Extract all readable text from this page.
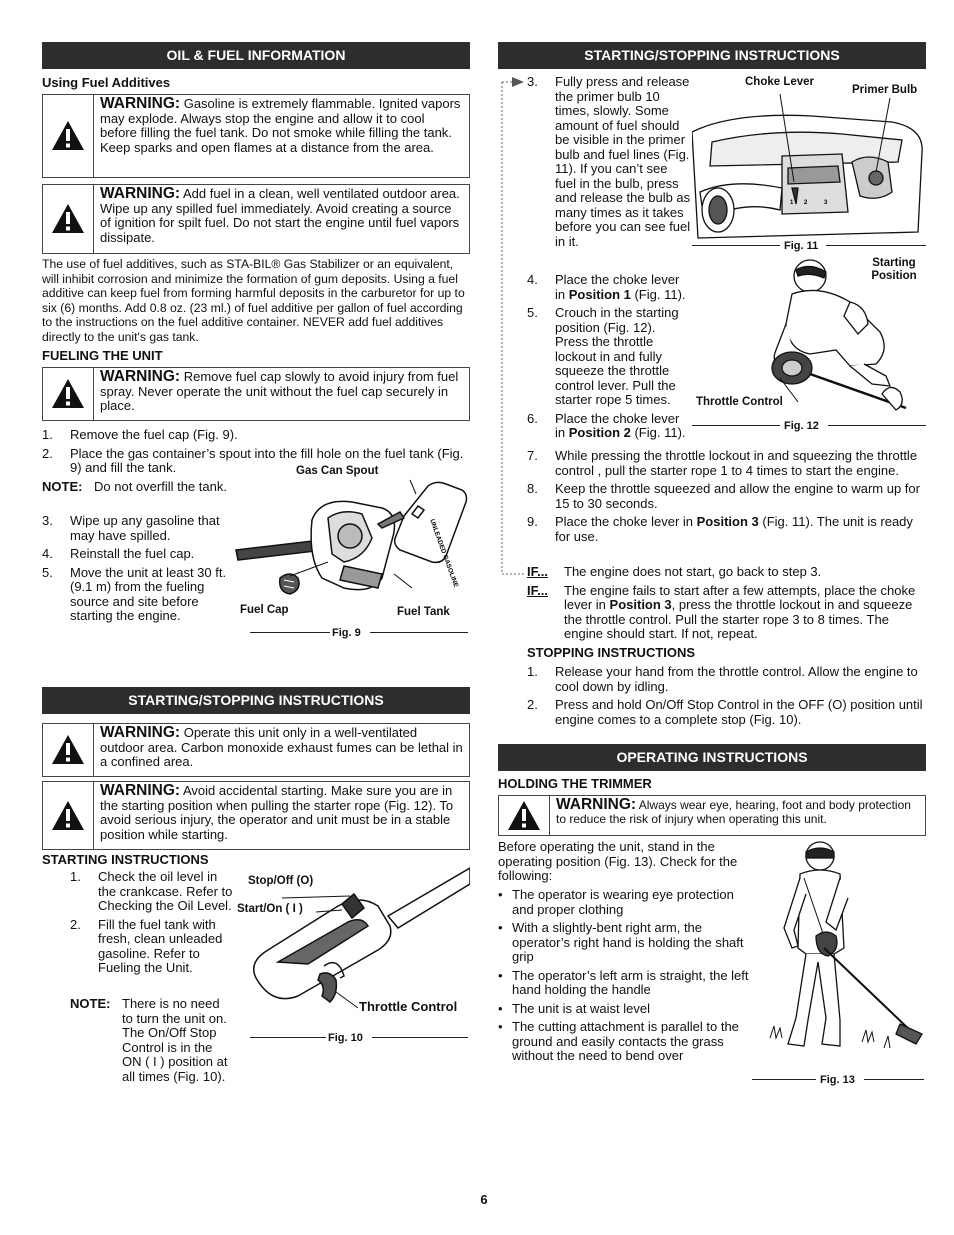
OIL & FUEL INFORMATION
Using Fuel Additives
WARNING: Gasoline is extremely flammable. Ignited vapors may explode. Always stop the engine and allow it to cool before filling the fuel tank. Do not smoke while filling the tank. Keep sparks and open flames at a distance from the area.
WARNING: Add fuel in a clean, well ventilated outdoor area. Wipe up any spilled fuel immediately. Avoid creating a source of ignition for spilt fuel. Do not start the engine until fuel vapors dissipate.
The use of fuel additives, such as STA-BIL® Gas Stabilizer or an equivalent, will inhibit corrosion and minimize the formation of gum deposits. Using a fuel additive can keep fuel from forming harmful deposits in the carburetor for up to six (6) months. Add 0.8 oz. (23 ml.) of fuel additive per gallon of fuel according to the instructions on the fuel additive container. NEVER add fuel additives directly to the unit's gas tank.
FUELING THE UNIT
WARNING: Remove fuel cap slowly to avoid injury from fuel spray. Never operate the unit without the fuel cap securely in place.
1. Remove the fuel cap (Fig. 9).
2. Place the gas container’s spout into the fill hole on the fuel tank (Fig. 9) and fill the tank.
NOTE: Do not overfill the tank.
3. Wipe up any gasoline that may have spilled.
4. Reinstall the fuel cap.
5. Move the unit at least 30 ft. (9.1 m) from the fueling source and site before starting the engine.
Gas Can Spout
UNLEADED GASOLINE
Fuel Cap	Fuel Tank
Fig. 9
STARTING/STOPPING INSTRUCTIONS
WARNING: Operate this unit only in a well-ventilated outdoor area. Carbon monoxide exhaust fumes can be lethal in a confined area.
WARNING: Avoid accidental starting. Make sure you are in the starting position when pulling the starter rope (Fig. 12). To avoid serious injury, the operator and unit must be in a stable position while starting.
STARTING INSTRUCTIONS
1. Check the oil level in the crankcase. Refer to Checking the Oil Level.
2. Fill the fuel tank with fresh, clean unleaded gasoline. Refer to Fueling the Unit.
NOTE: There is no need to turn the unit on. The On/Off Stop Control is in the ON ( I ) position at all times (Fig. 10).
Stop/Off (O)
Start/On ( I )
Throttle Control
Fig. 10
STARTING/STOPPING INSTRUCTIONS
3. Fully press and release the primer bulb 10 times, slowly. Some amount of fuel should be visible in the primer bulb and fuel lines (Fig. 11). If you can’t see fuel in the bulb, press and release the bulb as many times as it takes before you can see fuel in it.
Choke Lever
Primer Bulb
1 2	3
Fig. 11
4. Place the choke lever in Position 1 (Fig. 11).
5. Crouch in the starting position (Fig. 12). Press the throttle lockout in and fully squeeze the throttle control lever. Pull the starter rope 5 times.
6. Place the choke lever in Position 2 (Fig. 11).
Starting Position
Throttle Control
Fig. 12
7. While pressing the throttle lockout in and squeezing the throttle control , pull the starter rope 1 to 4 times to start the engine.
8. Keep the throttle squeezed and allow the engine to warm up for 15 to 30 seconds.
9. Place the choke lever in Position 3 (Fig. 11). The unit is ready for use.
IF... The engine does not start, go back to step 3.
IF... The engine fails to start after a few attempts, place the choke lever in Position 3, press the throttle lockout in and squeeze the throttle control. Pull the starter rope 3 to 8 times. The engine should start. If not, repeat.
STOPPING INSTRUCTIONS
1. Release your hand from the throttle control. Allow the engine to cool down by idling.
2. Press and hold On/Off Stop Control in the OFF (O) position until engine comes to a complete stop (Fig. 10).
OPERATING INSTRUCTIONS
HOLDING THE TRIMMER
WARNING: Always wear eye, hearing, foot and body protection to reduce the risk of injury when operating this unit.
Before operating the unit, stand in the operating position (Fig. 13). Check for the following:
• The operator is wearing eye protection and proper clothing
• With a slightly-bent right arm, the operator’s right hand is holding the shaft grip
• The operator’s left arm is straight, the left hand holding the handle
• The unit is at waist level
• The cutting attachment is parallel to the ground and easily contacts the grass without the need to bend over
Fig. 13
6
